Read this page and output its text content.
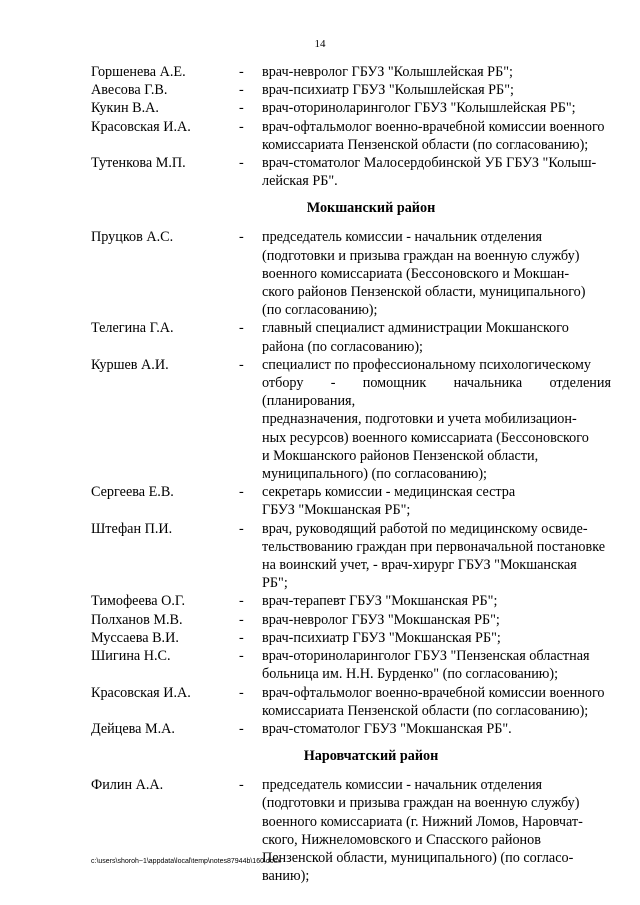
14
Горшенева А.Е.	-	врач-невролог ГБУЗ "Колышлейская РБ";
Авесова Г.В.	-	врач-психиатр ГБУЗ "Колышлейская РБ";
Кукин В.А.	-	врач-оториноларинголог ГБУЗ "Колышлейская РБ";
Красовская И.А.	-	врач-офтальмолог военно-врачебной комиссии военного
комиссариата Пензенской области (по согласованию);
Тутенкова М.П.	-	врач-стоматолог Малосердобинской УБ ГБУЗ "Колыш-
лейская РБ".
Мокшанский район
Пруцков А.С.	-	председатель комиссии - начальник отделения
(подготовки и призыва граждан на военную службу)
военного комиссариата (Бессоновского и Мокшан-
ского районов Пензенской области, муниципального)
(по согласованию);
Телегина Г.А.	-	главный специалист администрации Мокшанского
района (по согласованию);
Куршев А.И.	-	специалист по профессиональному психологическому
отбору - помощник начальника отделения (планирования,
предназначения, подготовки и учета мобилизацион-
ных ресурсов) военного комиссариата (Бессоновского
и Мокшанского районов Пензенской области,
муниципального) (по согласованию);
Сергеева Е.В.	-	секретарь комиссии - медицинская сестра
ГБУЗ "Мокшанская РБ";
Штефан П.И.	-	врач, руководящий работой по медицинскому освиде-
тельствованию граждан при первоначальной постановке
на воинский учет, - врач-хирург ГБУЗ "Мокшанская
РБ";
Тимофеева О.Г.	-	врач-терапевт ГБУЗ "Мокшанская РБ";
Полханов М.В.	-	врач-невролог ГБУЗ "Мокшанская РБ";
Муссаева В.И.	-	врач-психиатр ГБУЗ "Мокшанская РБ";
Шигина Н.С.	-	врач-оториноларинголог ГБУЗ "Пензенская областная
больница им. Н.Н. Бурденко" (по согласованию);
Красовская И.А.	-	врач-офтальмолог военно-врачебной комиссии военного
комиссариата Пензенской области (по согласованию);
Дейцева М.А.	-	врач-стоматолог ГБУЗ "Мокшанская РБ".
Наровчатский район
Филин А.А.	-	председатель комиссии - начальник отделения
(подготовки и призыва граждан на военную службу)
военного комиссариата (г. Нижний Ломов, Наровчат-
ского, Нижнеломовского и Спасского районов
Пензенской области, муниципального) (по согласо-
ванию);
c:\users\shoroh~1\appdata\local\temp\notes87944b\160.docx
